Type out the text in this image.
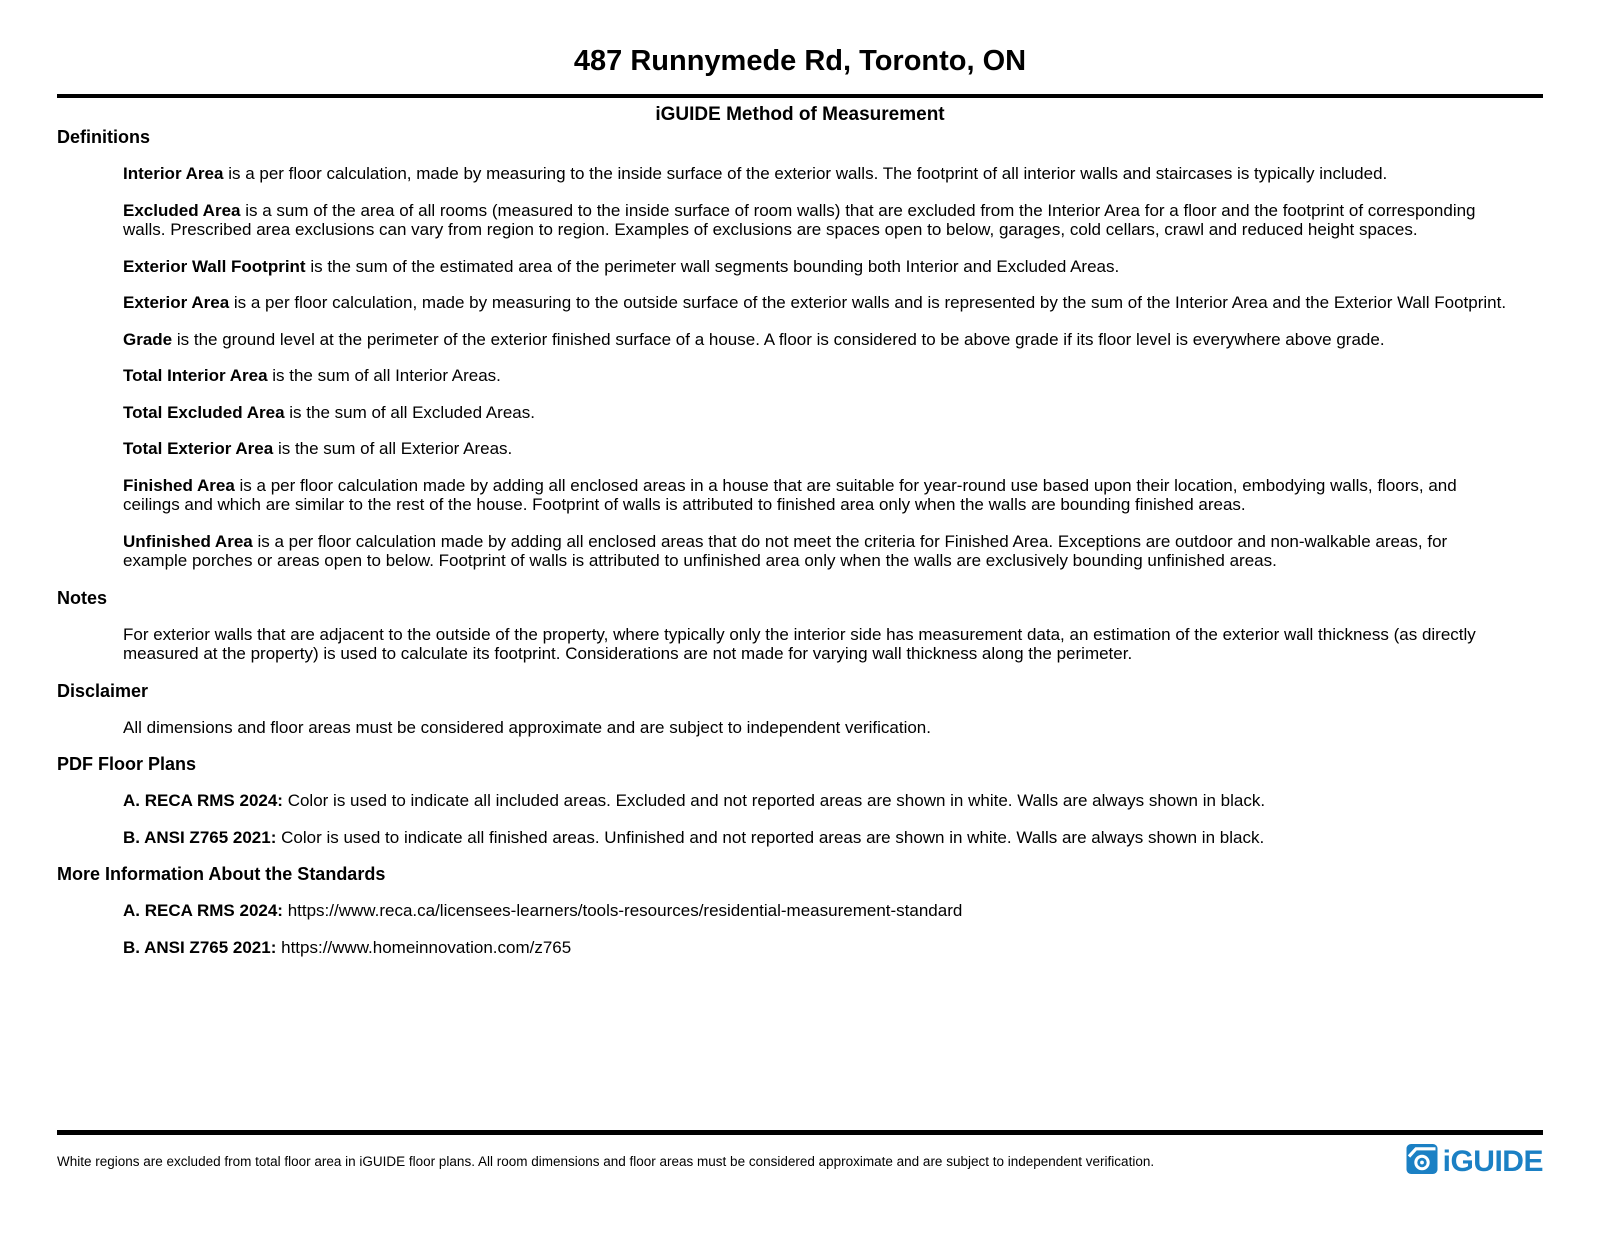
487 Runnymede Rd, Toronto, ON
iGUIDE Method of Measurement
Definitions

Interior Area is a per floor calculation, made by measuring to the inside surface of the exterior walls. The footprint of all interior walls and staircases is typically included.

Excluded Area is a sum of the area of all rooms (measured to the inside surface of room walls) that are excluded from the Interior Area for a floor and the footprint of corresponding walls. Prescribed area exclusions can vary from region to region. Examples of exclusions are spaces open to below, garages, cold cellars, crawl and reduced height spaces.

Exterior Wall Footprint is the sum of the estimated area of the perimeter wall segments bounding both Interior and Excluded Areas.

Exterior Area is a per floor calculation, made by measuring to the outside surface of the exterior walls and is represented by the sum of the Interior Area and the Exterior Wall Footprint.

Grade is the ground level at the perimeter of the exterior finished surface of a house. A floor is considered to be above grade if its floor level is everywhere above grade.

Total Interior Area is the sum of all Interior Areas.

Total Excluded Area is the sum of all Excluded Areas.

Total Exterior Area is the sum of all Exterior Areas.

Finished Area is a per floor calculation made by adding all enclosed areas in a house that are suitable for year-round use based upon their location, embodying walls, floors, and ceilings and which are similar to the rest of the house. Footprint of walls is attributed to finished area only when the walls are bounding finished areas.

Unfinished Area is a per floor calculation made by adding all enclosed areas that do not meet the criteria for Finished Area. Exceptions are outdoor and non-walkable areas, for example porches or areas open to below. Footprint of walls is attributed to unfinished area only when the walls are exclusively bounding unfinished areas.

Notes

For exterior walls that are adjacent to the outside of the property, where typically only the interior side has measurement data, an estimation of the exterior wall thickness (as directly measured at the property) is used to calculate its footprint. Considerations are not made for varying wall thickness along the perimeter.

Disclaimer

All dimensions and floor areas must be considered approximate and are subject to independent verification.

PDF Floor Plans

A. RECA RMS 2024: Color is used to indicate all included areas. Excluded and not reported areas are shown in white. Walls are always shown in black.

B. ANSI Z765 2021: Color is used to indicate all finished areas. Unfinished and not reported areas are shown in white. Walls are always shown in black.

More Information About the Standards

A. RECA RMS 2024: https://www.reca.ca/licensees-learners/tools-resources/residential-measurement-standard

B. ANSI Z765 2021: https://www.homeinnovation.com/z765

White regions are excluded from total floor area in iGUIDE floor plans. All room dimensions and floor areas must be considered approximate and are subject to independent verification.	iGUIDE
